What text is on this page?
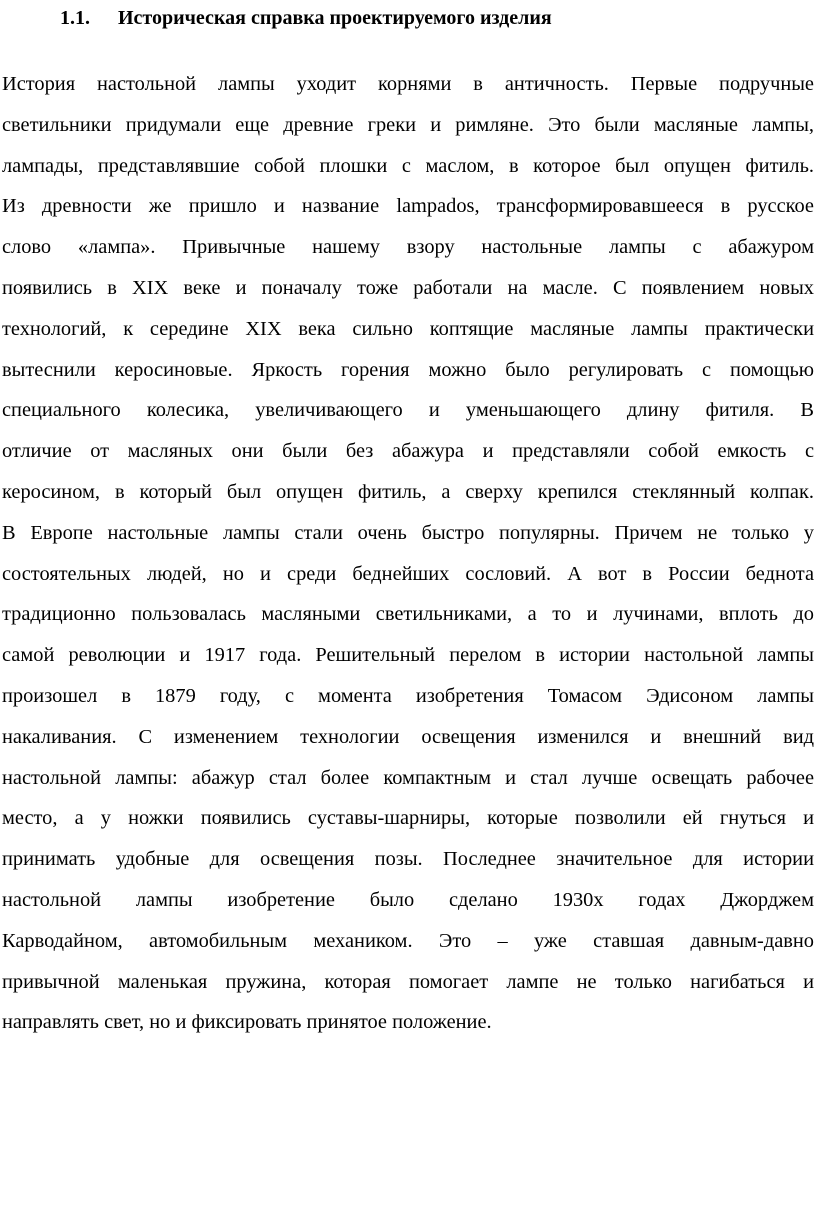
1.1. Историческая справка проектируемого изделия
История настольной лампы уходит корнями в античность. Первые подручные
светильники придумали еще древние греки и римляне. Это были масляные лампы,
лампады, представлявшие собой плошки с маслом, в которое был опущен фитиль.
Из древности же пришло и название lampados, трансформировавшееся в русское
слово «лампа». Привычные нашему взору настольные лампы с абажуром
появились в XIX веке и поначалу тоже работали на масле. С появлением новых
технологий, к середине XIX века сильно коптящие масляные лампы практически
вытеснили керосиновые. Яркость горения можно было регулировать с помощью
специального колесика, увеличивающего и уменьшающего длину фитиля. В
отличие от масляных они были без абажура и представляли собой емкость с
керосином, в который был опущен фитиль, а сверху крепился стеклянный колпак.
В Европе настольные лампы стали очень быстро популярны. Причем не только у
состоятельных людей, но и среди беднейших сословий. А вот в России беднота
традиционно пользовалась масляными светильниками, а то и лучинами, вплоть до
самой революции и 1917 года. Решительный перелом в истории настольной лампы
произошел в 1879 году, с момента изобретения Томасом Эдисоном лампы
накаливания. С изменением технологии освещения изменился и внешний вид
настольной лампы: абажур стал более компактным и стал лучше освещать рабочее
место, а у ножки появились суставы-шарниры, которые позволили ей гнуться и
принимать удобные для освещения позы. Последнее значительное для истории
настольной лампы изобретение было сделано 1930х годах Джорджем
Карводайном, автомобильным механиком. Это – уже ставшая давным-давно
привычной маленькая пружина, которая помогает лампе не только нагибаться и
направлять свет, но и фиксировать принятое положение.
